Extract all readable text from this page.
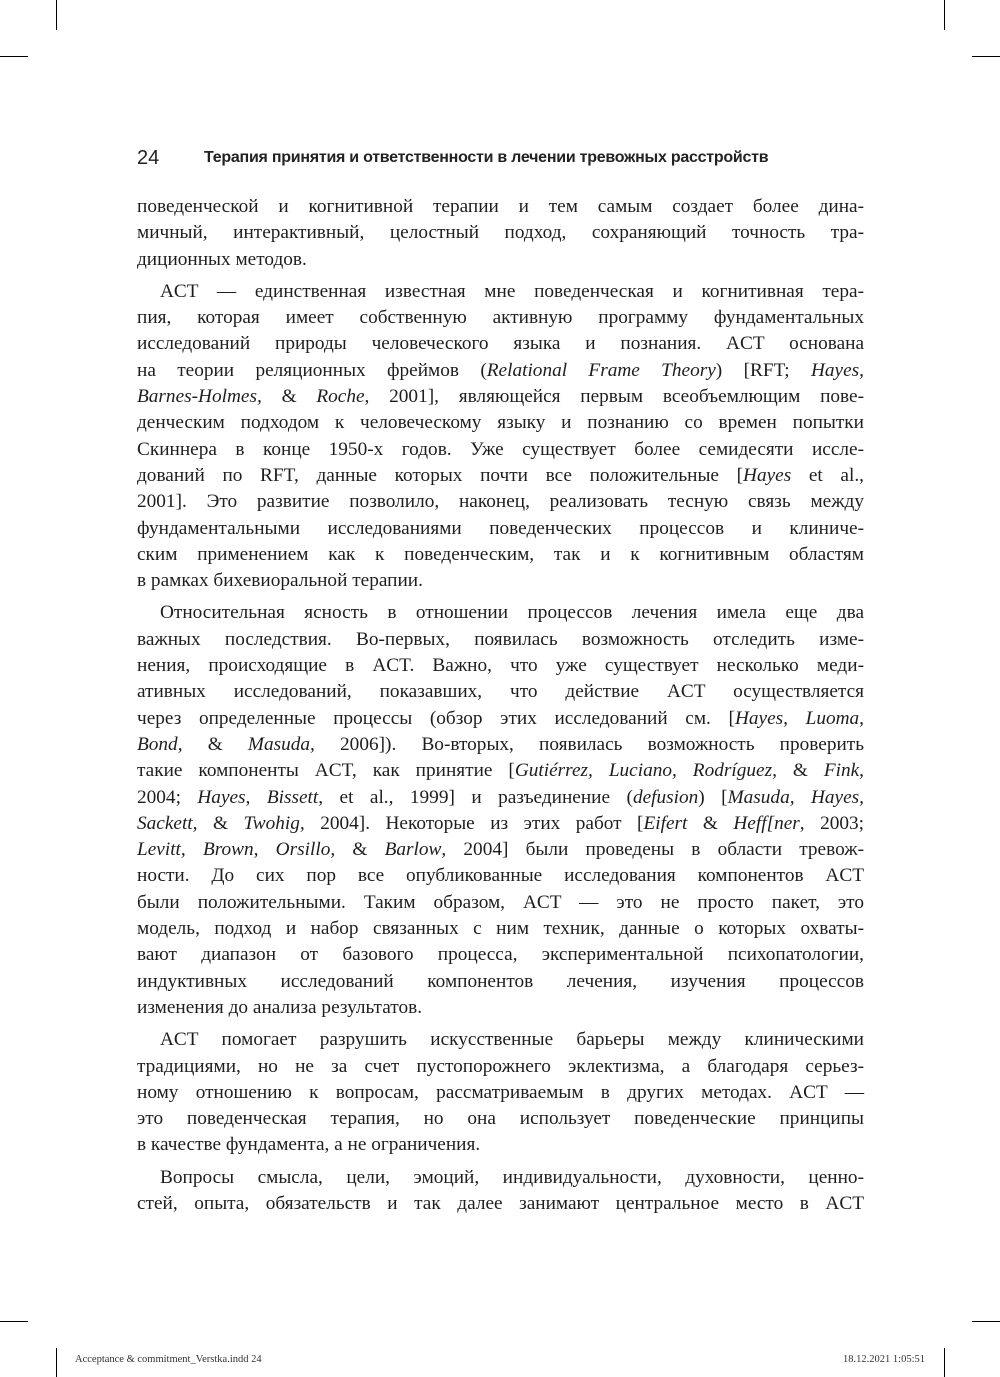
24	Терапия принятия и ответственности в лечении тревожных расстройств
поведенческой и когнитивной терапии и тем самым создает более дина-
мичный, интерактивный, целостный подход, сохраняющий точность тра-
диционных методов.
ACT — единственная известная мне поведенческая и когнитивная тера-
пия, которая имеет собственную активную программу фундаментальных
исследований природы человеческого языка и познания. ACT основана
на теории реляционных фреймов (Relational Frame Theory) [RFT; Hayes,
Barnes-Holmes, & Roche, 2001], являющейся первым всеобъемлющим пове-
денческим подходом к человеческому языку и познанию со времен попытки
Скиннера в конце 1950-х годов. Уже существует более семидесяти иссле-
дований по RFT, данные которых почти все положительные [Hayes et al.,
2001]. Это развитие позволило, наконец, реализовать тесную связь между
фундаментальными исследованиями поведенческих процессов и клиниче-
ским применением как к поведенческим, так и к когнитивным областям
в рамках бихевиоральной терапии.
Относительная ясность в отношении процессов лечения имела еще два
важных последствия. Во-первых, появилась возможность отследить изме-
нения, происходящие в ACT. Важно, что уже существует несколько меди-
ативных исследований, показавших, что действие ACT осуществляется
через определенные процессы (обзор этих исследований см. [Hayes, Luoma,
Bond, & Masuda, 2006]). Во-вторых, появилась возможность проверить
такие компоненты ACT, как принятие [Gutiérrez, Luciano, Rodríguez, & Fink,
2004; Hayes, Bissett, et al., 1999] и разъединение (defusion) [Masuda, Hayes,
Sackett, & Twohig, 2004]. Некоторые из этих работ [Eifert & Heff[ner, 2003;
Levitt, Brown, Orsillo, & Barlow, 2004] были проведены в области тревож-
ности. До сих пор все опубликованные исследования компонентов ACT
были положительными. Таким образом, ACT — это не просто пакет, это
модель, подход и набор связанных с ним техник, данные о которых охваты-
вают диапазон от базового процесса, экспериментальной психопатологии,
индуктивных исследований компонентов лечения, изучения процессов
изменения до анализа результатов.
ACT помогает разрушить искусственные барьеры между клиническими
традициями, но не за счет пустопорожнего эклектизма, а благодаря серьез-
ному отношению к вопросам, рассматриваемым в других методах. ACT —
это поведенческая терапия, но она использует поведенческие принципы
в качестве фундамента, а не ограничения.
Вопросы смысла, цели, эмоций, индивидуальности, духовности, ценно-
стей, опыта, обязательств и так далее занимают центральное место в ACT
Acceptance & commitment_Verstka.indd 24	18.12.2021 1:05:51
